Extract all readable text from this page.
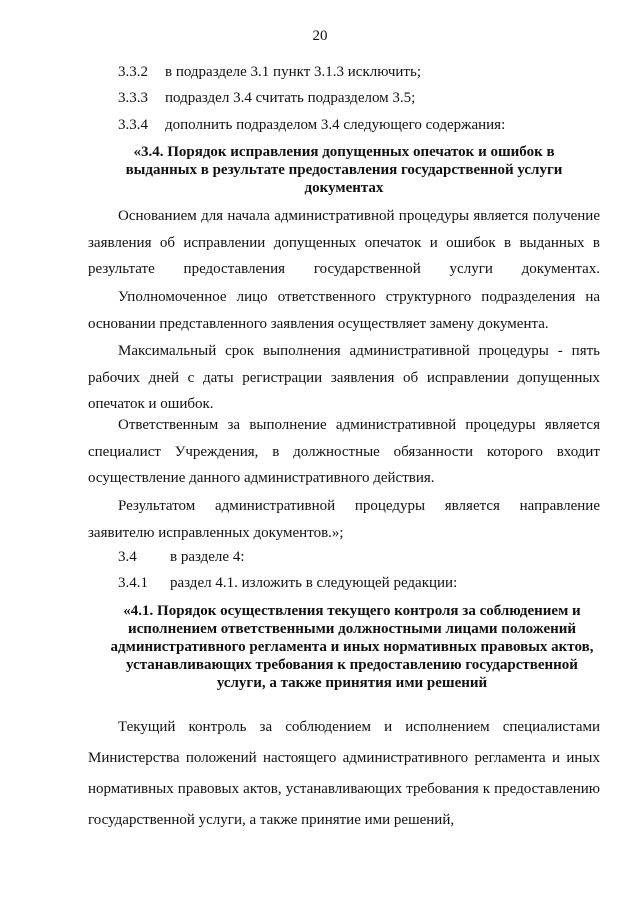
20
3.3.2 в подразделе 3.1 пункт 3.1.3 исключить;
3.3.3 подраздел 3.4 считать подразделом 3.5;
3.3.4 дополнить подразделом 3.4 следующего содержания:
«3.4. Порядок исправления допущенных опечаток и ошибок в выданных в результате предоставления государственной услуги документах
Основанием для начала административной процедуры является получение заявления об исправлении допущенных опечаток и ошибок в выданных в результате предоставления государственной услуги документах.
Уполномоченное лицо ответственного структурного подразделения на основании представленного заявления осуществляет замену документа.
Максимальный срок выполнения административной процедуры - пять рабочих дней с даты регистрации заявления об исправлении допущенных опечаток и ошибок.
Ответственным за выполнение административной процедуры является специалист Учреждения, в должностные обязанности которого входит осуществление данного административного действия.
Результатом административной процедуры является направление заявителю исправленных документов.»;
3.4 в разделе 4:
3.4.1 раздел 4.1. изложить в следующей редакции:
«4.1. Порядок осуществления текущего контроля за соблюдением и исполнением ответственными должностными лицами положений административного регламента и иных нормативных правовых актов, устанавливающих требования к предоставлению государственной услуги, а также принятия ими решений
Текущий контроль за соблюдением и исполнением специалистами Министерства положений настоящего административного регламента и иных нормативных правовых актов, устанавливающих требования к предоставлению государственной услуги, а также принятие ими решений,
